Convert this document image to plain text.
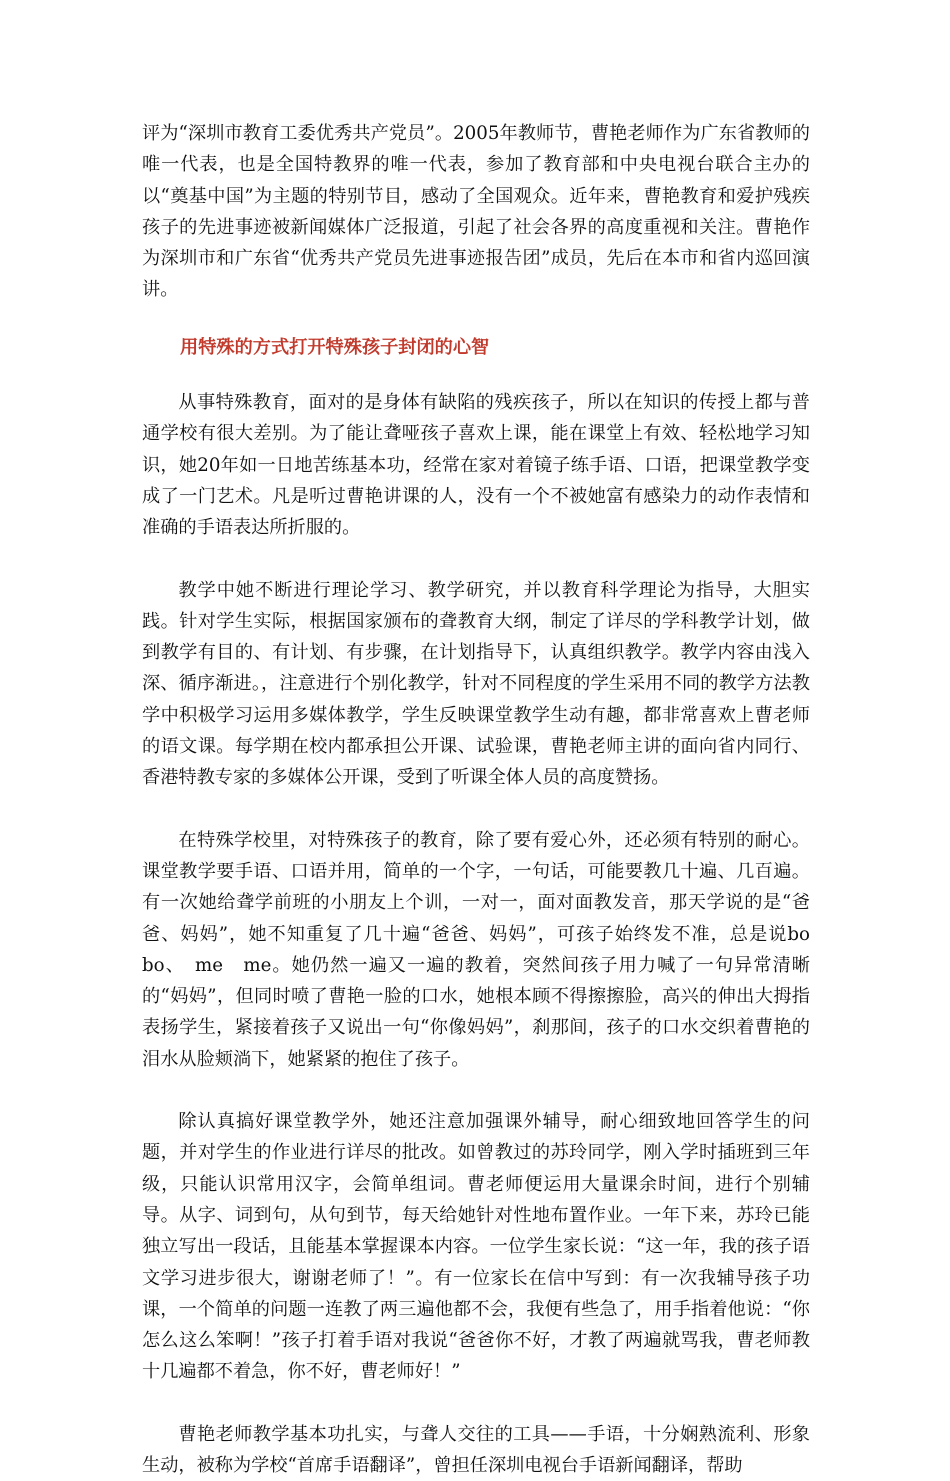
评为“深圳市教育工委优秀共产党员”。2005年教师节，曹艳老师作为广东省教师的唯一代表，也是全国特教界的唯一代表，参加了教育部和中央电视台联合主办的以“奠基中国”为主题的特别节目，感动了全国观众。近年来，曹艳教育和爱护残疾孩子的先进事迹被新闻媒体广泛报道，引起了社会各界的高度重视和关注。曹艳作为深圳市和广东省“优秀共产党员先进事迹报告团”成员，先后在本市和省内巡回演讲。

用特殊的方式打开特殊孩子封闭的心智

从事特殊教育，面对的是身体有缺陷的残疾孩子，所以在知识的传授上都与普通学校有很大差别。为了能让聋哑孩子喜欢上课，能在课堂上有效、轻松地学习知识，她20年如一日地苦练基本功，经常在家对着镜子练手语、口语，把课堂教学变成了一门艺术。凡是听过曹艳讲课的人，没有一个不被她富有感染力的动作表情和准确的手语表达所折服的。

教学中她不断进行理论学习、教学研究，并以教育科学理论为指导，大胆实践。针对学生实际，根据国家颁布的聋教育大纲，制定了详尽的学科教学计划，做到教学有目的、有计划、有步骤，在计划指导下，认真组织教学。教学内容由浅入深、循序渐进。，注意进行个别化教学，针对不同程度的学生采用不同的教学方法教学中积极学习运用多媒体教学，学生反映课堂教学生动有趣，都非常喜欢上曹老师的语文课。每学期在校内都承担公开课、试验课，曹艳老师主讲的面向省内同行、香港特教专家的多媒体公开课，受到了听课全体人员的高度赞扬。

在特殊学校里，对特殊孩子的教育，除了要有爱心外，还必须有特别的耐心。课堂教学要手语、口语并用，简单的一个字，一句话，可能要教几十遍、几百遍。有一次她给聋学前班的小朋友上个训，一对一，面对面教发音，那天学说的是“爸爸、妈妈”，她不知重复了几十遍“爸爸、妈妈”，可孩子始终发不准，总是说bo bo、　me　me。她仍然一遍又一遍的教着，突然间孩子用力喊了一句异常清晰的“妈妈”，但同时喷了曹艳一脸的口水，她根本顾不得擦擦脸，高兴的伸出大拇指表扬学生，紧接着孩子又说出一句“你像妈妈”，刹那间，孩子的口水交织着曹艳的泪水从脸颊淌下，她紧紧的抱住了孩子。

除认真搞好课堂教学外，她还注意加强课外辅导，耐心细致地回答学生的问题，并对学生的作业进行详尽的批改。如曾教过的苏玲同学，刚入学时插班到三年级，只能认识常用汉字，会简单组词。曹老师便运用大量课余时间，进行个别辅导。从字、词到句，从句到节，每天给她针对性地布置作业。一年下来，苏玲已能独立写出一段话，且能基本掌握课本内容。一位学生家长说：“这一年，我的孩子语文学习进步很大，谢谢老师了！”。有一位家长在信中写到：有一次我辅导孩子功课，一个简单的问题一连教了两三遍他都不会，我便有些急了，用手指着他说：“你怎么这么笨啊！”孩子打着手语对我说“爸爸你不好，才教了两遍就骂我，曹老师教十几遍都不着急，你不好，曹老师好！”

曹艳老师教学基本功扎实，与聋人交往的工具——手语，十分娴熟流利、形象生动，被称为学校“首席手语翻译”，曾担任深圳电视台手语新闻翻译，帮助
